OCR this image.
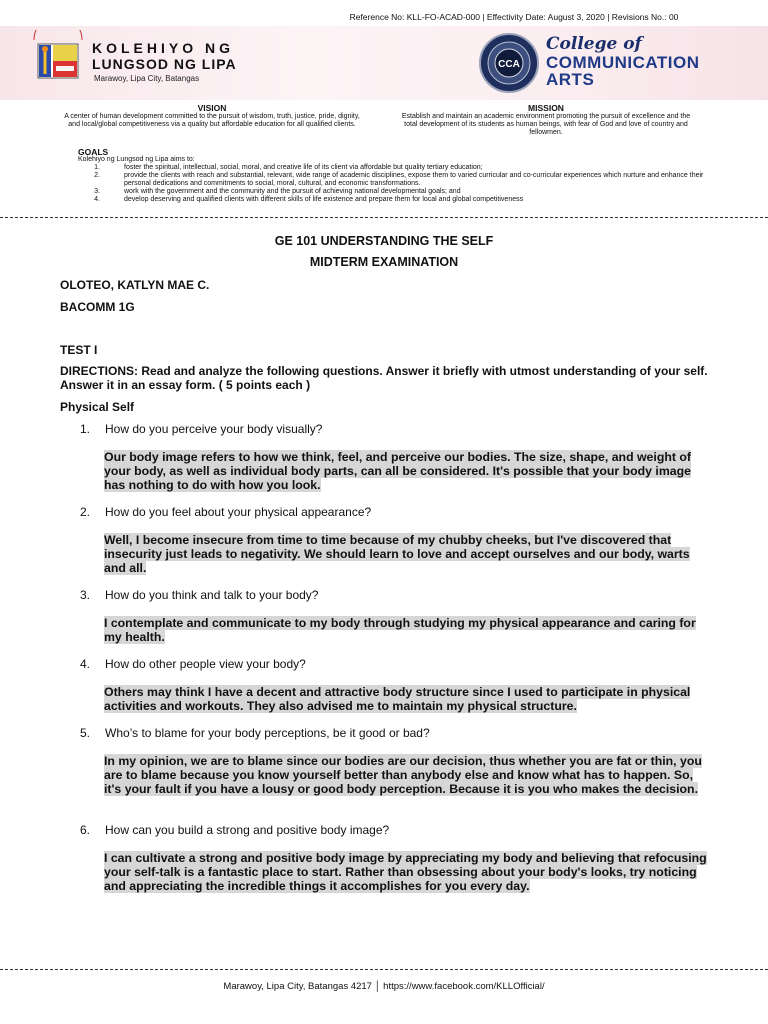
Reference No: KLL-FO-ACAD-000 | Effectivity Date: August 3, 2020 | Revisions No.: 00
KOLEHIYO NG
LUNGSOD NG LIPA
Marawoy, Lipa City, Batangas
CCA
College of
COMMUNICATION
ARTS
VISION
A center of human development committed to the pursuit of wisdom, truth, justice, pride, dignity, and local/global competitiveness via a quality but affordable education for all qualified clients.
MISSION
Establish and maintain an academic environment promoting the pursuit of excellence and the total development of its students as human beings, with fear of God and love of country and fellowmen.
GOALS
Kolehiyo ng Lungsod ng Lipa aims to:
1.	foster the spiritual, intellectual, social, moral, and creative life of its client via affordable but quality tertiary education;
2.	provide the clients with reach and substantial, relevant, wide range of academic disciplines, expose them to varied curricular and co-curricular experiences which nurture and enhance their personal dedications and commitments to social, moral, cultural, and economic transformations.
3.	work with the government and the community and the pursuit of achieving national developmental goals; and
4.	develop deserving and qualified clients with different skills of life existence and prepare them for local and global competitiveness
GE 101 UNDERSTANDING THE SELF
MIDTERM EXAMINATION
OLOTEO, KATLYN MAE C.
BACOMM 1G
TEST I
DIRECTIONS: Read and analyze the following questions. Answer it briefly with utmost understanding of your self. Answer it in an essay form. ( 5 points each )
Physical Self
1.	How do you perceive your body visually?
Our body image refers to how we think, feel, and perceive our bodies. The size, shape, and weight of your body, as well as individual body parts, can all be considered. It's possible that your body image has nothing to do with how you look.
2.	How do you feel about your physical appearance?
Well, I become insecure from time to time because of my chubby cheeks, but I've discovered that insecurity just leads to negativity. We should learn to love and accept ourselves and our body, warts and all.
3.	How do you think and talk to your body?
I contemplate and communicate to my body through studying my physical appearance and caring for my health.
4.	How do other people view your body?
Others may think I have a decent and attractive body structure since I used to participate in physical activities and workouts. They also advised me to maintain my physical structure.
5.	Who’s to blame for your body perceptions, be it good or bad?
In my opinion, we are to blame since our bodies are our decision, thus whether you are fat or thin, you are to blame because you know yourself better than anybody else and know what has to happen. So, it's your fault if you have a lousy or good body perception. Because it is you who makes the decision.
6.	How can you build a strong and positive body image?
I can cultivate a strong and positive body image by appreciating my body and believing that refocusing your self-talk is a fantastic place to start. Rather than obsessing about your body's looks, try noticing and appreciating the incredible things it accomplishes for you every day.
Marawoy, Lipa City, Batangas 4217 │ https://www.facebook.com/KLLOfficial/
